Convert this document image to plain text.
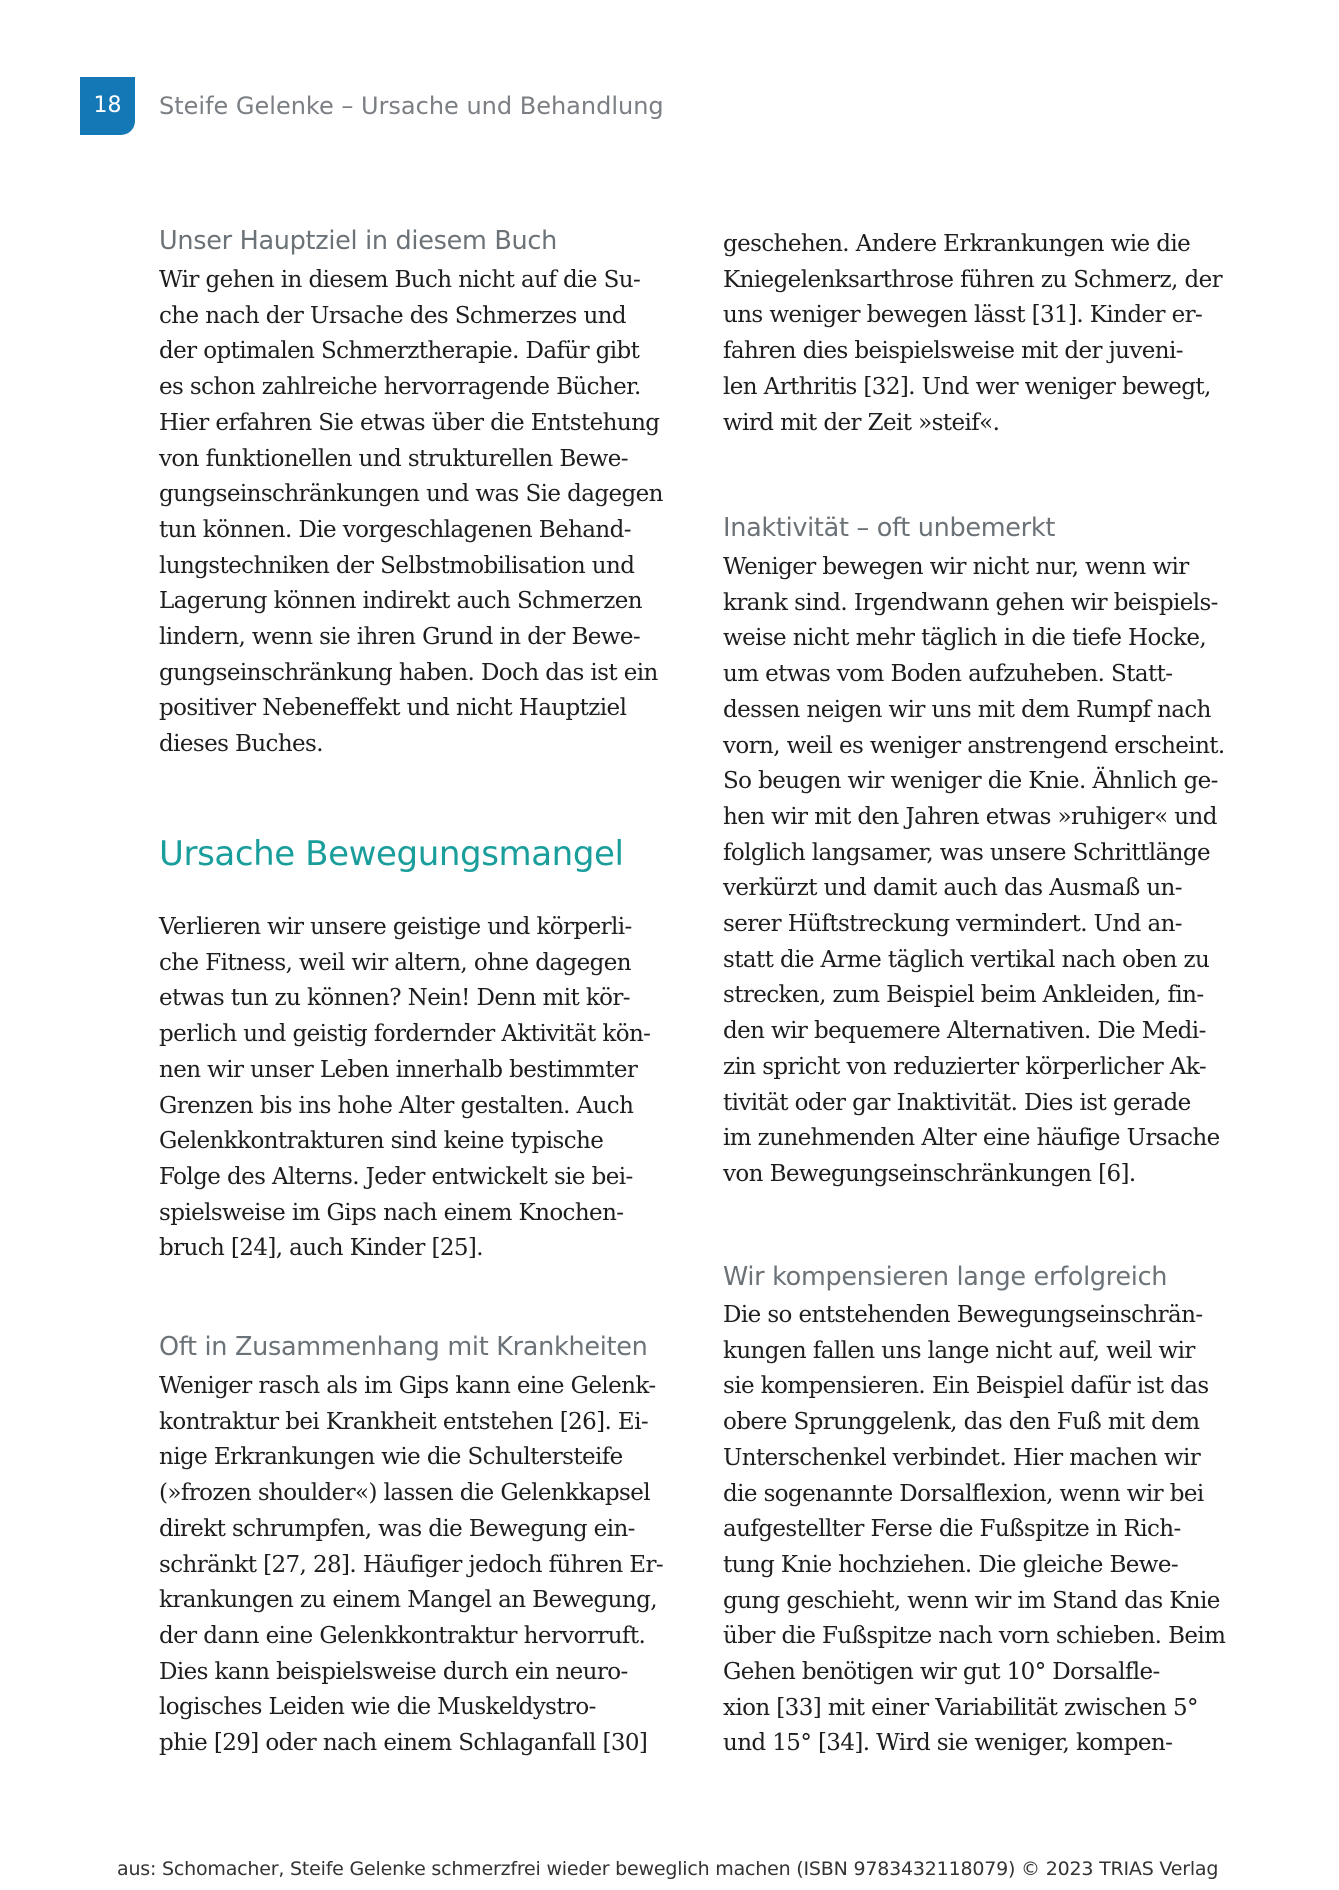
18	Steife Gelenke – Ursache und Behandlung
Unser Hauptziel in diesem Buch

Wir gehen in diesem Buch nicht auf die Su-
che nach der Ursache des Schmerzes und
der optimalen Schmerztherapie. Dafür gibt
es schon zahlreiche hervorragende Bücher.
Hier erfahren Sie etwas über die Entstehung
von funktionellen und strukturellen Bewe-
gungseinschränkungen und was Sie dagegen
tun können. Die vorgeschlagenen Behand-
lungstechniken der Selbstmobilisation und
Lagerung können indirekt auch Schmerzen
lindern, wenn sie ihren Grund in der Bewe-
gungseinschränkung haben. Doch das ist ein
positiver Nebeneffekt und nicht Hauptziel
dieses Buches.

Ursache Bewegungsmangel

Verlieren wir unsere geistige und körperli-
che Fitness, weil wir altern, ohne dagegen
etwas tun zu können? Nein! Denn mit kör-
perlich und geistig fordernder Aktivität kön-
nen wir unser Leben innerhalb bestimmter
Grenzen bis ins hohe Alter gestalten. Auch
Gelenkkontrakturen sind keine typische
Folge des Alterns. Jeder entwickelt sie bei-
spielsweise im Gips nach einem Knochen-
bruch [24], auch Kinder [25].

Oft in Zusammenhang mit Krankheiten

Weniger rasch als im Gips kann eine Gelenk-
kontraktur bei Krankheit entstehen [26]. Ei-
nige Erkrankungen wie die Schultersteife
(»frozen shoulder«) lassen die Gelenkkapsel
direkt schrumpfen, was die Bewegung ein-
schränkt [27, 28]. Häufiger jedoch führen Er-
krankungen zu einem Mangel an Bewegung,
der dann eine Gelenkkontraktur hervorruft.
Dies kann beispielsweise durch ein neuro-
logisches Leiden wie die Muskeldystro-
phie [29] oder nach einem Schlaganfall [30]

geschehen. Andere Erkrankungen wie die
Kniegelenksarthrose führen zu Schmerz, der
uns weniger bewegen lässt [31]. Kinder er-
fahren dies beispielsweise mit der juveni-
len Arthritis [32]. Und wer weniger bewegt,
wird mit der Zeit »steif«.

Inaktivität – oft unbemerkt

Weniger bewegen wir nicht nur, wenn wir
krank sind. Irgendwann gehen wir beispiels-
weise nicht mehr täglich in die tiefe Hocke,
um etwas vom Boden aufzuheben. Statt-
dessen neigen wir uns mit dem Rumpf nach
vorn, weil es weniger anstrengend erscheint.
So beugen wir weniger die Knie. Ähnlich ge-
hen wir mit den Jahren etwas »ruhiger« und
folglich langsamer, was unsere Schrittlänge
verkürzt und damit auch das Ausmaß un-
serer Hüftstreckung vermindert. Und an-
statt die Arme täglich vertikal nach oben zu
strecken, zum Beispiel beim Ankleiden, fin-
den wir bequemere Alternativen. Die Medi-
zin spricht von reduzierter körperlicher Ak-
tivität oder gar Inaktivität. Dies ist gerade
im zunehmenden Alter eine häufige Ursache
von Bewegungseinschränkungen [6].

Wir kompensieren lange erfolgreich

Die so entstehenden Bewegungseinschrän-
kungen fallen uns lange nicht auf, weil wir
sie kompensieren. Ein Beispiel dafür ist das
obere Sprunggelenk, das den Fuß mit dem
Unterschenkel verbindet. Hier machen wir
die sogenannte Dorsalflexion, wenn wir bei
aufgestellter Ferse die Fußspitze in Rich-
tung Knie hochziehen. Die gleiche Bewe-
gung geschieht, wenn wir im Stand das Knie
über die Fußspitze nach vorn schieben. Beim
Gehen benötigen wir gut 10° Dorsalfle-
xion [33] mit einer Variabilität zwischen 5°
und 15° [34]. Wird sie weniger, kompen-

aus: Schomacher, Steife Gelenke schmerzfrei wieder beweglich machen (ISBN 9783432118079) © 2023 TRIAS Verlag
